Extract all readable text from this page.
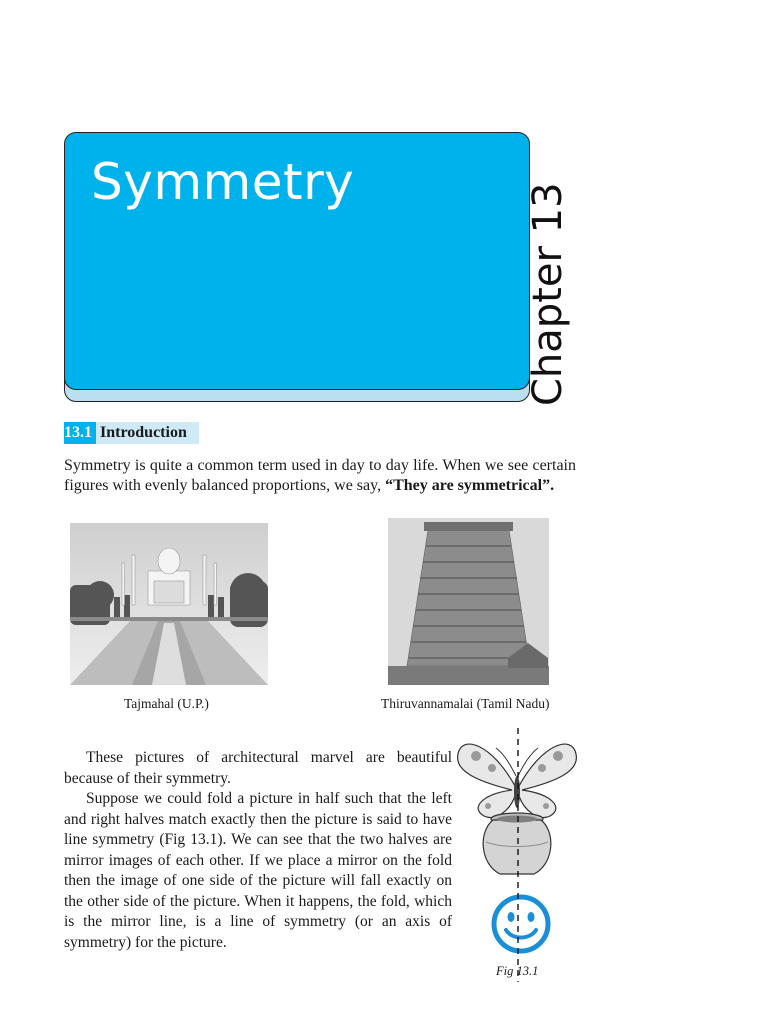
Symmetry
Chapter 13
13.1 Introduction

Symmetry is quite a common term used in day to day life. When we see certain figures with evenly balanced proportions, we say, “They are symmetrical”.

Tajmahal (U.P.)	Thiruvannamalai (Tamil Nadu)

These pictures of architectural marvel are beautiful because of their symmetry.

Suppose we could fold a picture in half such that the left and right halves match exactly then the picture is said to have line symmetry (Fig 13.1). We can see that the two halves are mirror images of each other. If we place a mirror on the fold then the image of one side of the picture will fall exactly on the other side of the picture. When it happens, the fold, which is the mirror line, is a line of symmetry (or an axis of symmetry) for the picture.

Fig 13.1
